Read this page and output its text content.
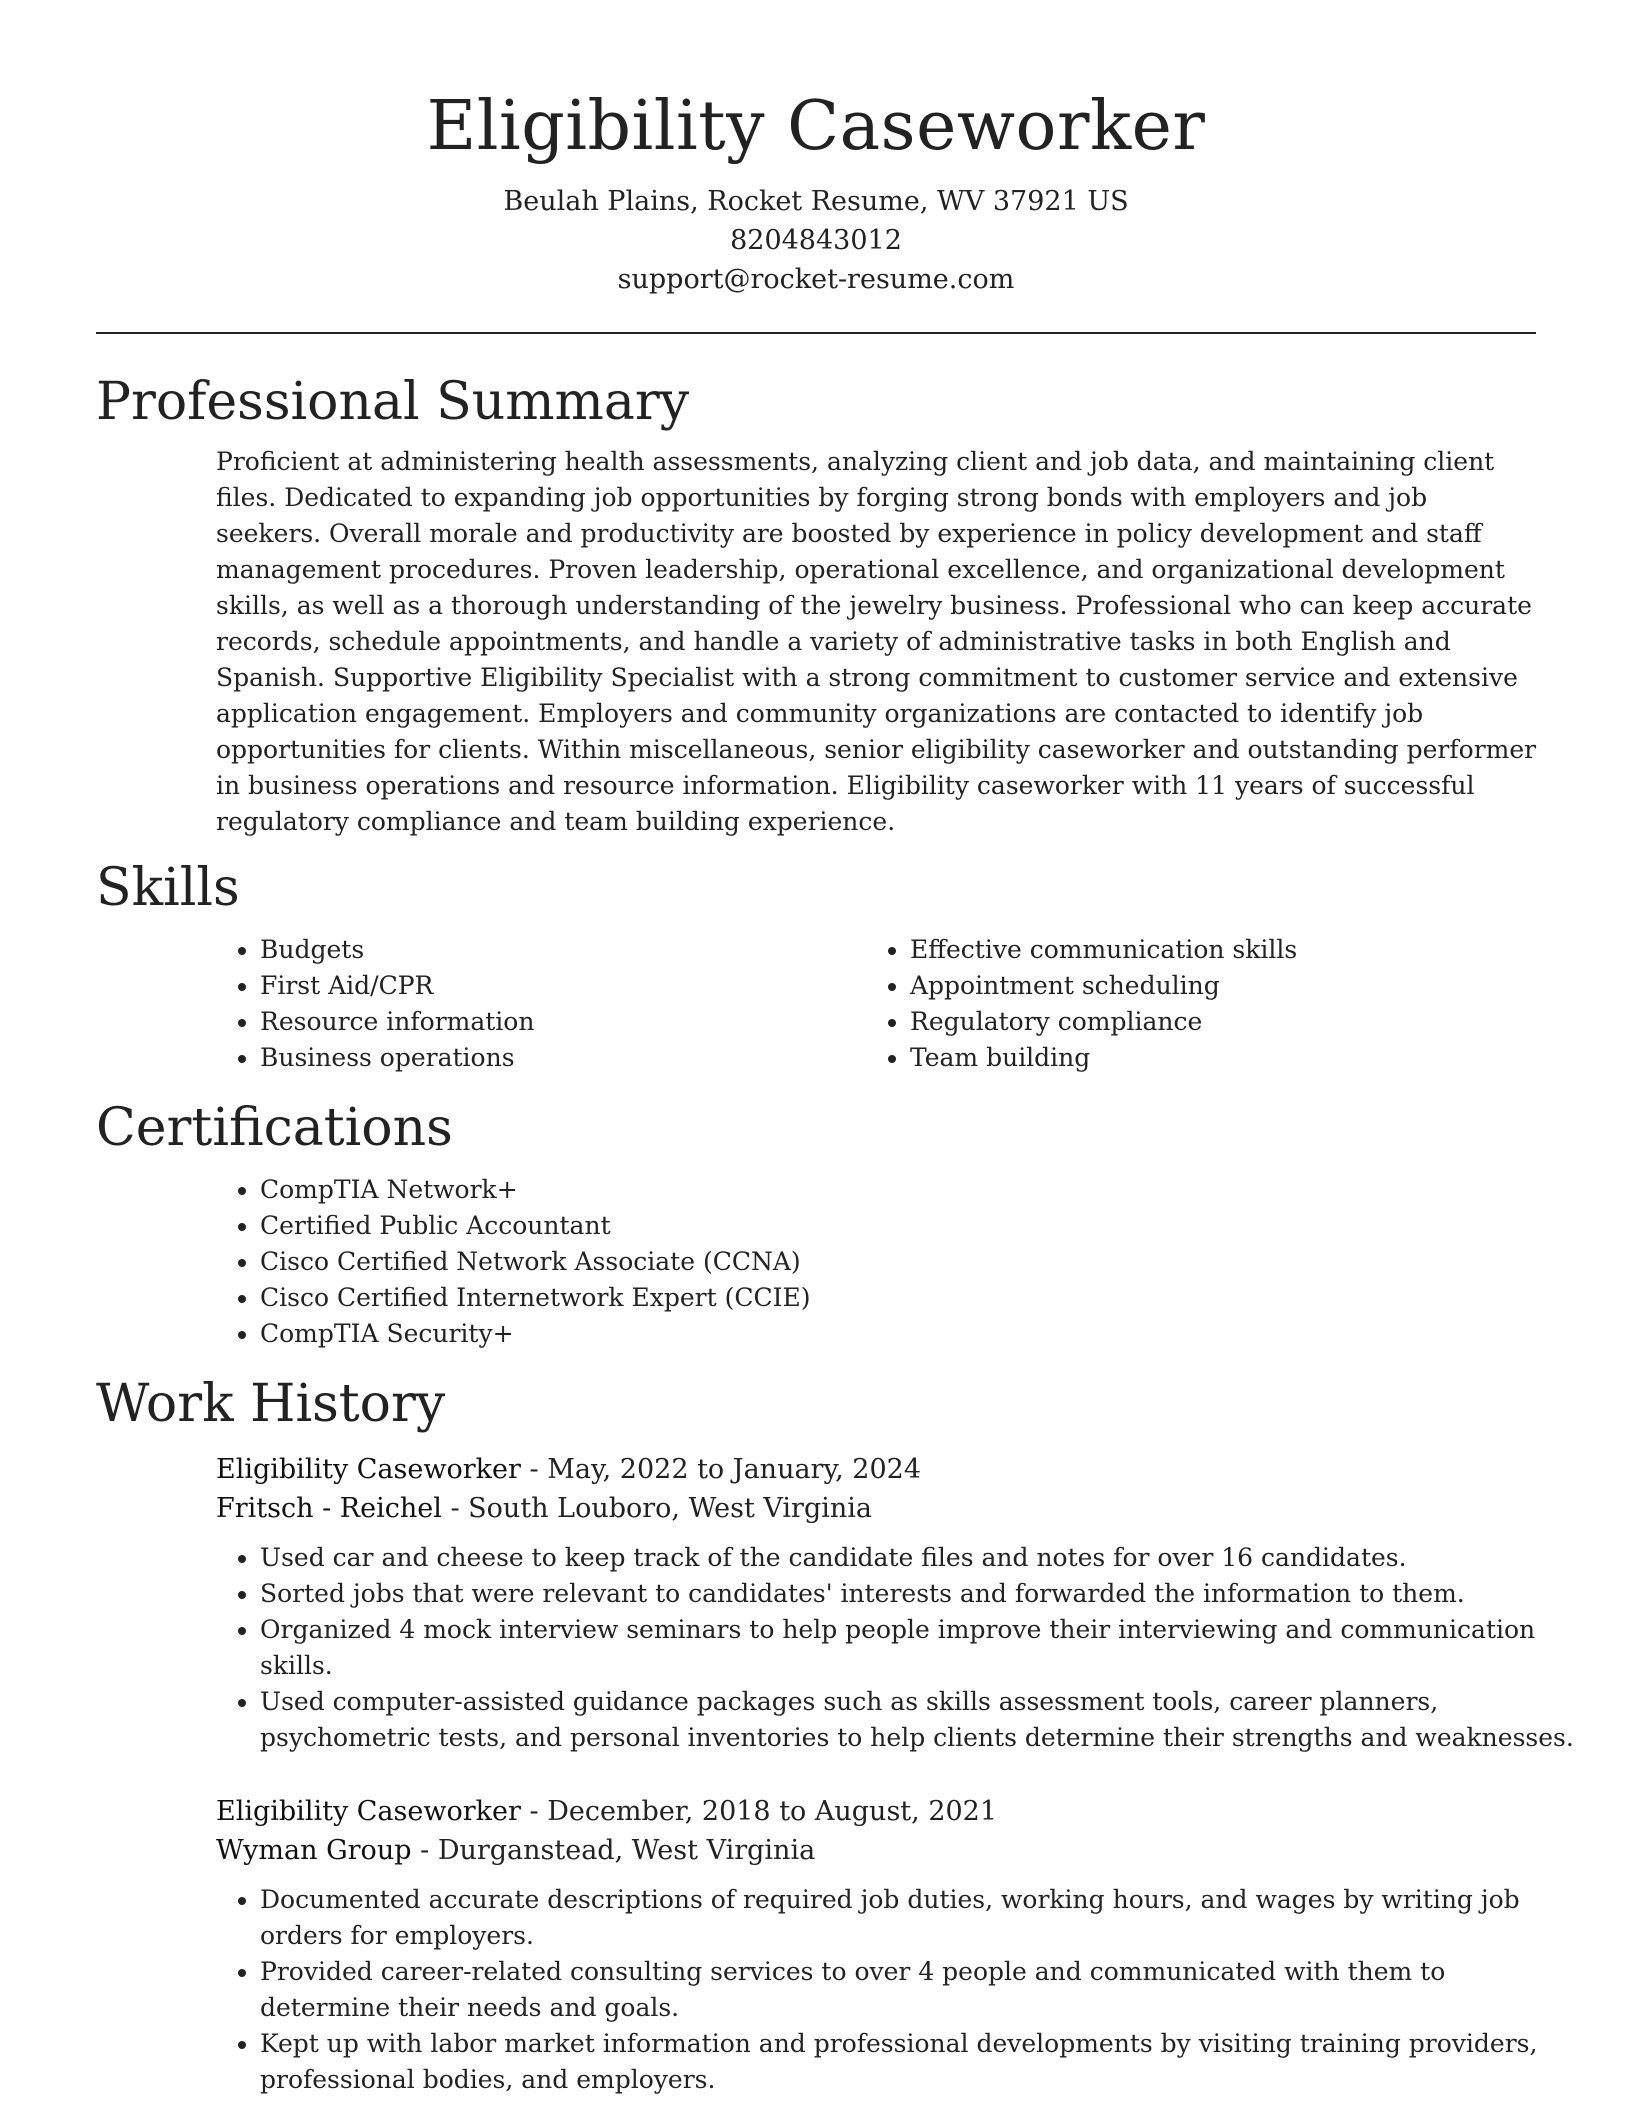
Eligibility Caseworker
Beulah Plains, Rocket Resume, WV 37921 US
8204843012
support@rocket-resume.com
Professional Summary
Proficient at administering health assessments, analyzing client and job data, and maintaining client files. Dedicated to expanding job opportunities by forging strong bonds with employers and job seekers. Overall morale and productivity are boosted by experience in policy development and staff management procedures. Proven leadership, operational excellence, and organizational development skills, as well as a thorough understanding of the jewelry business. Professional who can keep accurate records, schedule appointments, and handle a variety of administrative tasks in both English and Spanish. Supportive Eligibility Specialist with a strong commitment to customer service and extensive application engagement. Employers and community organizations are contacted to identify job opportunities for clients. Within miscellaneous, senior eligibility caseworker and outstanding performer in business operations and resource information. Eligibility caseworker with 11 years of successful regulatory compliance and team building experience.
Skills
• Budgets
• First Aid/CPR
• Resource information
• Business operations
• Effective communication skills
• Appointment scheduling
• Regulatory compliance
• Team building
Certifications
• CompTIA Network+
• Certified Public Accountant
• Cisco Certified Network Associate (CCNA)
• Cisco Certified Internetwork Expert (CCIE)
• CompTIA Security+
Work History
Eligibility Caseworker - May, 2022 to January, 2024
Fritsch - Reichel - South Louboro, West Virginia
• Used car and cheese to keep track of the candidate files and notes for over 16 candidates.
• Sorted jobs that were relevant to candidates' interests and forwarded the information to them.
• Organized 4 mock interview seminars to help people improve their interviewing and communication skills.
• Used computer-assisted guidance packages such as skills assessment tools, career planners, psychometric tests, and personal inventories to help clients determine their strengths and weaknesses.
Eligibility Caseworker - December, 2018 to August, 2021
Wyman Group - Durganstead, West Virginia
• Documented accurate descriptions of required job duties, working hours, and wages by writing job orders for employers.
• Provided career-related consulting services to over 4 people and communicated with them to determine their needs and goals.
• Kept up with labor market information and professional developments by visiting training providers, professional bodies, and employers.
